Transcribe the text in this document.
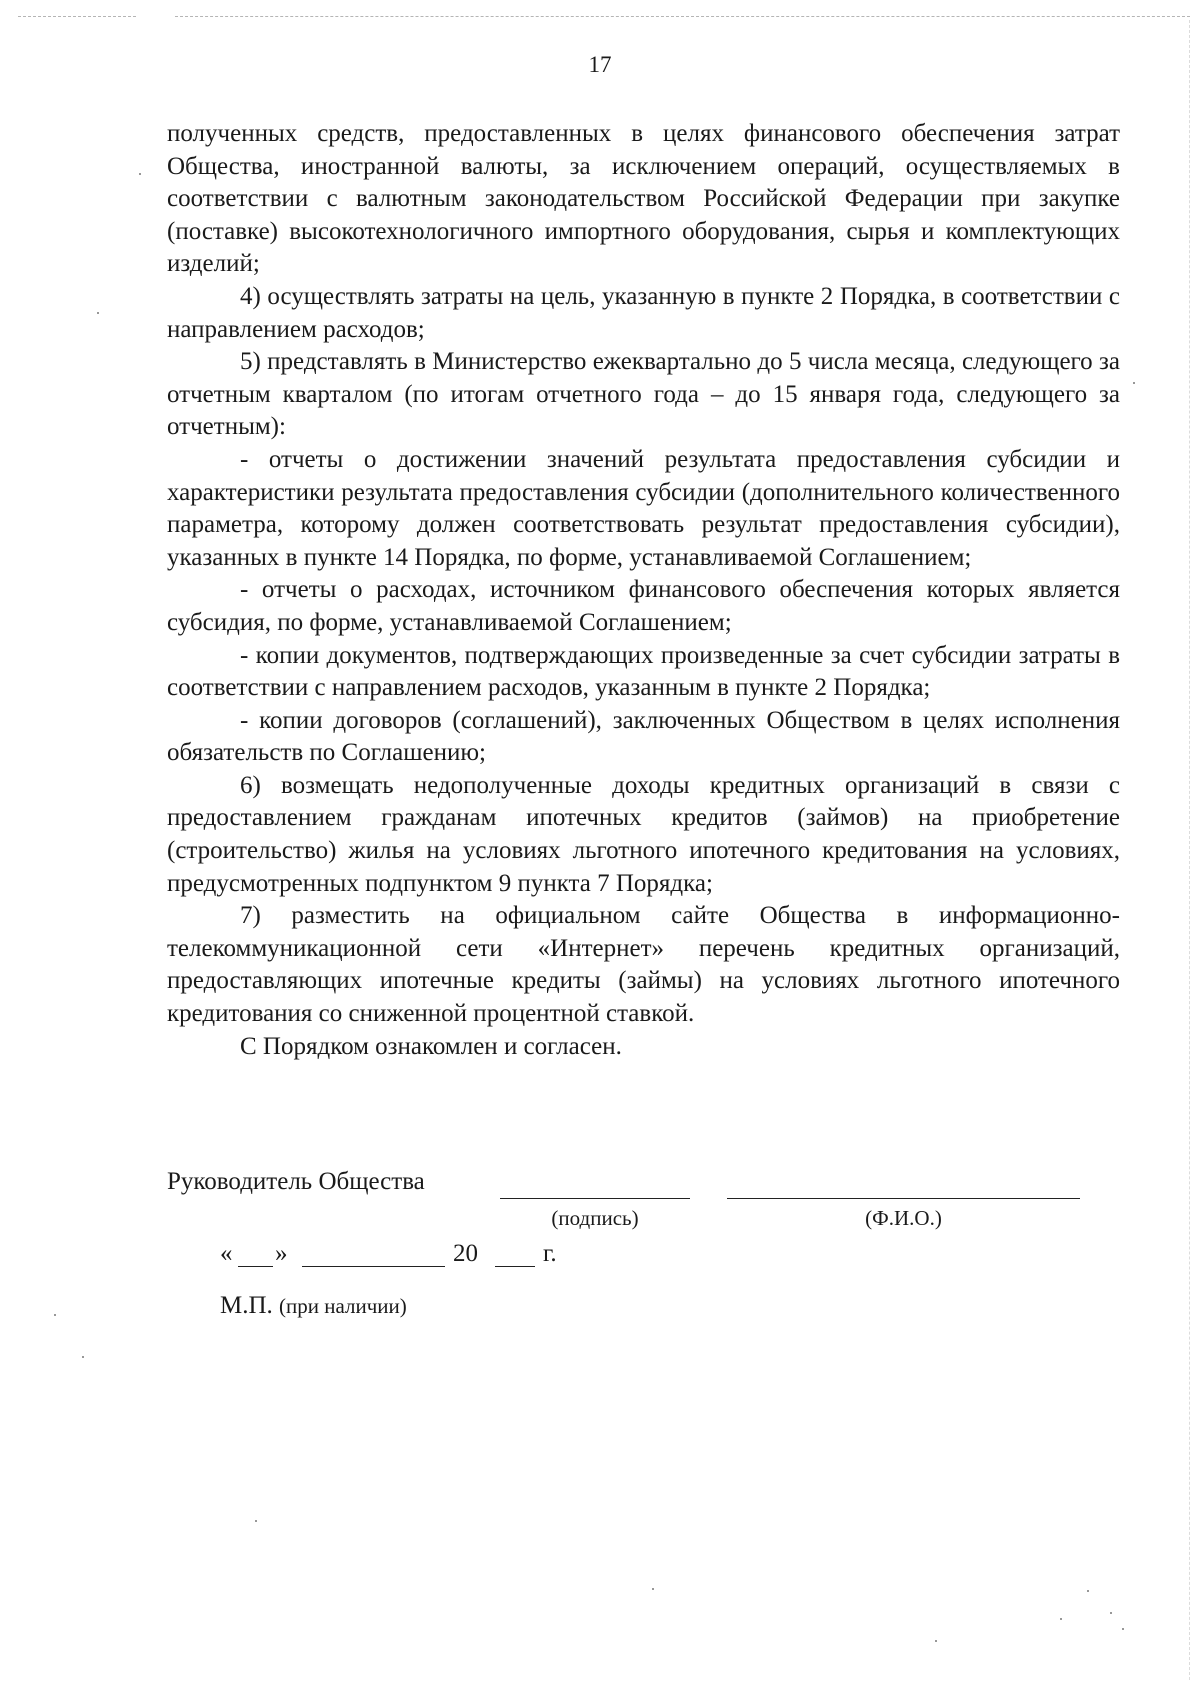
17

полученных средств, предоставленных в целях финансового обеспечения затрат Общества, иностранной валюты, за исключением операций, осуществляемых в соответствии с валютным законодательством Российской Федерации при закупке (поставке) высокотехнологичного импортного оборудования, сырья и комплектующих изделий;

4) осуществлять затраты на цель, указанную в пункте 2 Порядка, в соответствии с направлением расходов;

5) представлять в Министерство ежеквартально до 5 числа месяца, следующего за отчетным кварталом (по итогам отчетного года – до 15 января года, следующего за отчетным):

- отчеты о достижении значений результата предоставления субсидии и характеристики результата предоставления субсидии (дополнительного количественного параметра, которому должен соответствовать результат предоставления субсидии), указанных в пункте 14 Порядка, по форме, устанавливаемой Соглашением;

- отчеты о расходах, источником финансового обеспечения которых является субсидия, по форме, устанавливаемой Соглашением;

- копии документов, подтверждающих произведенные за счет субсидии затраты в соответствии с направлением расходов, указанным в пункте 2 Порядка;

- копии договоров (соглашений), заключенных Обществом в целях исполнения обязательств по Соглашению;

6) возмещать недополученные доходы кредитных организаций в связи с предоставлением гражданам ипотечных кредитов (займов) на приобретение (строительство) жилья на условиях льготного ипотечного кредитования на условиях, предусмотренных подпунктом 9 пункта 7 Порядка;

7) разместить на официальном сайте Общества в информационно-телекоммуникационной сети «Интернет» перечень кредитных организаций, предоставляющих ипотечные кредиты (займы) на условиях льготного ипотечного кредитования со сниженной процентной ставкой.

С Порядком ознакомлен и согласен.

Руководитель Общества

(подпись)	(Ф.И.О.)

« »	20	г.

М.П. (при наличии)
